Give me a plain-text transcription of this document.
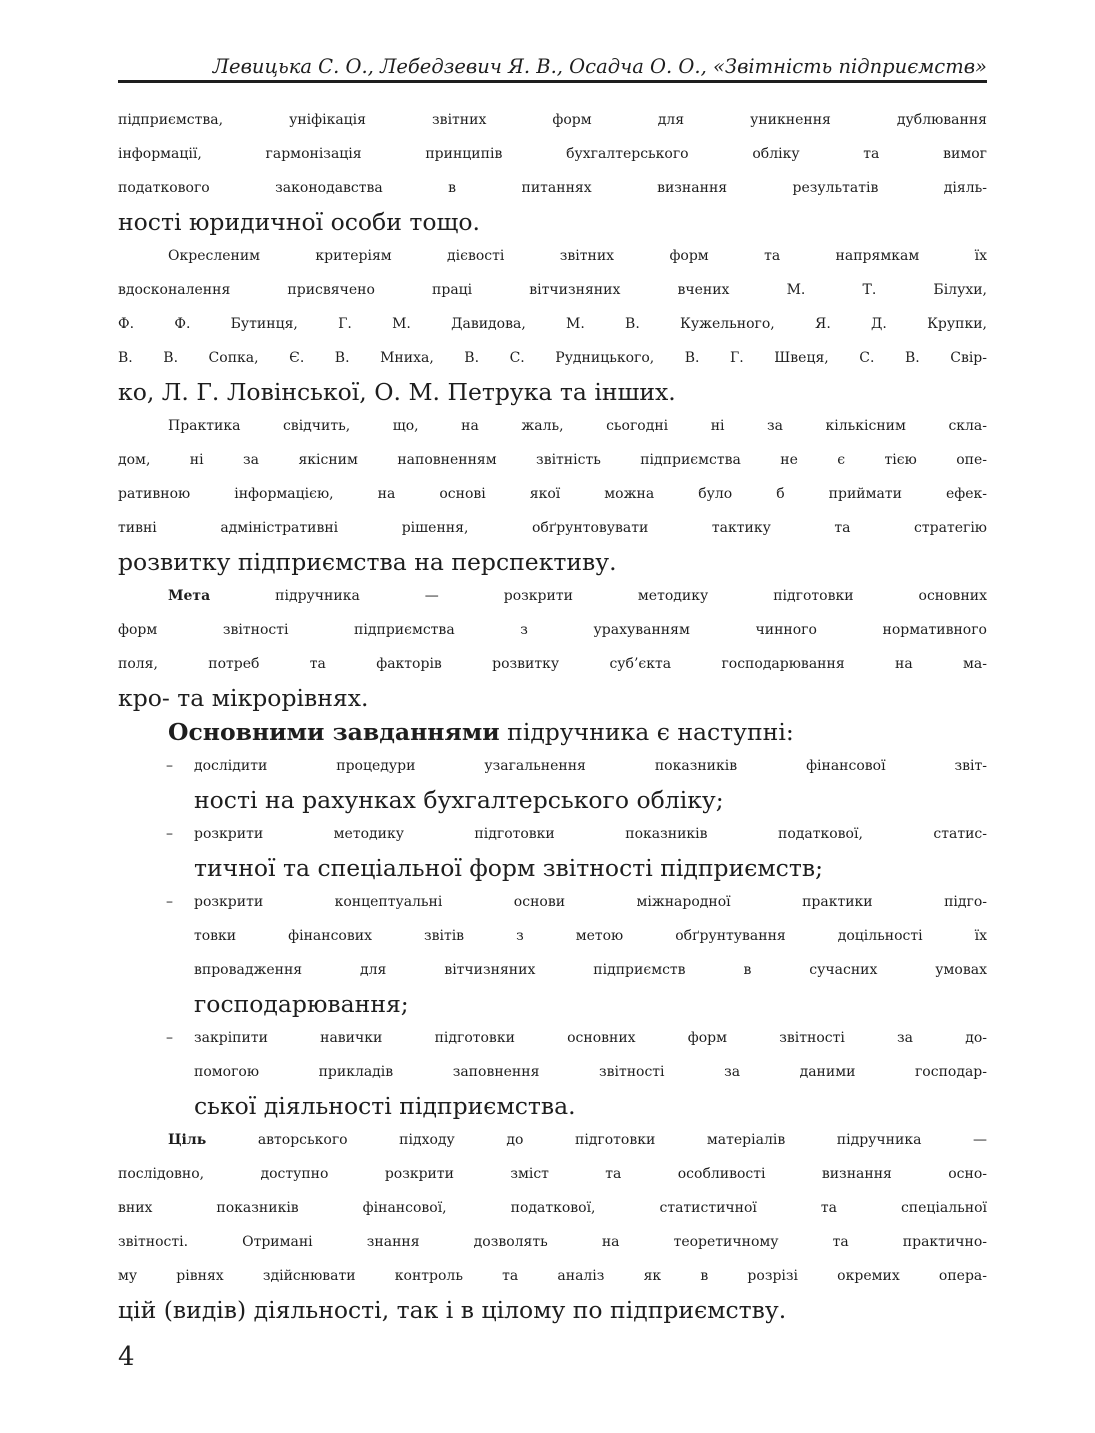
Левицька С. О., Лебедзевич Я. В., Осадча О. О., «Звітність підприємств»
підприємства, уніфікація звітних форм для уникнення дублювання
інформації, гармонізація принципів бухгалтерського обліку та вимог
податкового законодавства в питаннях визнання результатів діяль-
ності юридичної особи тощо.
Окресленим критеріям дієвості звітних форм та напрямкам їх
вдосконалення присвячено праці вітчизняних вчених М. Т. Білухи,
Ф. Ф. Бутинця, Г. М. Давидова, М. В. Кужельного, Я. Д. Крупки,
В. В. Сопка, Є. В. Мниха, В. С. Рудницького, В. Г. Швеця, С. В. Свір-
ко, Л. Г. Ловінської, О. М. Петрука та інших.
Практика свідчить, що, на жаль, сьогодні ні за кількісним скла-
дом, ні за якісним наповненням звітність підприємства не є тією опе-
ративною інформацією, на основі якої можна було б приймати ефек-
тивні адміністративні рішення, обґрунтовувати тактику та стратегію
розвитку підприємства на перспективу.
Мета підручника — розкрити методику підготовки основних
форм звітності підприємства з урахуванням чинного нормативного
поля, потреб та факторів розвитку суб’єкта господарювання на ма-
кро- та мікрорівнях.
Основними завданнями підручника є наступні:
– дослідити процедури узагальнення показників фінансової звіт-
ності на рахунках бухгалтерського обліку;
– розкрити методику підготовки показників податкової, статис-
тичної та спеціальної форм звітності підприємств;
– розкрити концептуальні основи міжнародної практики підго-
товки фінансових звітів з метою обґрунтування доцільності їх
впровадження для вітчизняних підприємств в сучасних умовах
господарювання;
– закріпити навички підготовки основних форм звітності за до-
помогою прикладів заповнення звітності за даними господар-
ської діяльності підприємства.
Ціль авторського підходу до підготовки матеріалів підручника —
послідовно, доступно розкрити зміст та особливості визнання осно-
вних показників фінансової, податкової, статистичної та спеціальної
звітності. Отримані знання дозволять на теоретичному та практично-
му рівнях здійснювати контроль та аналіз як в розрізі окремих опера-
цій (видів) діяльності, так і в цілому по підприємству.
4
